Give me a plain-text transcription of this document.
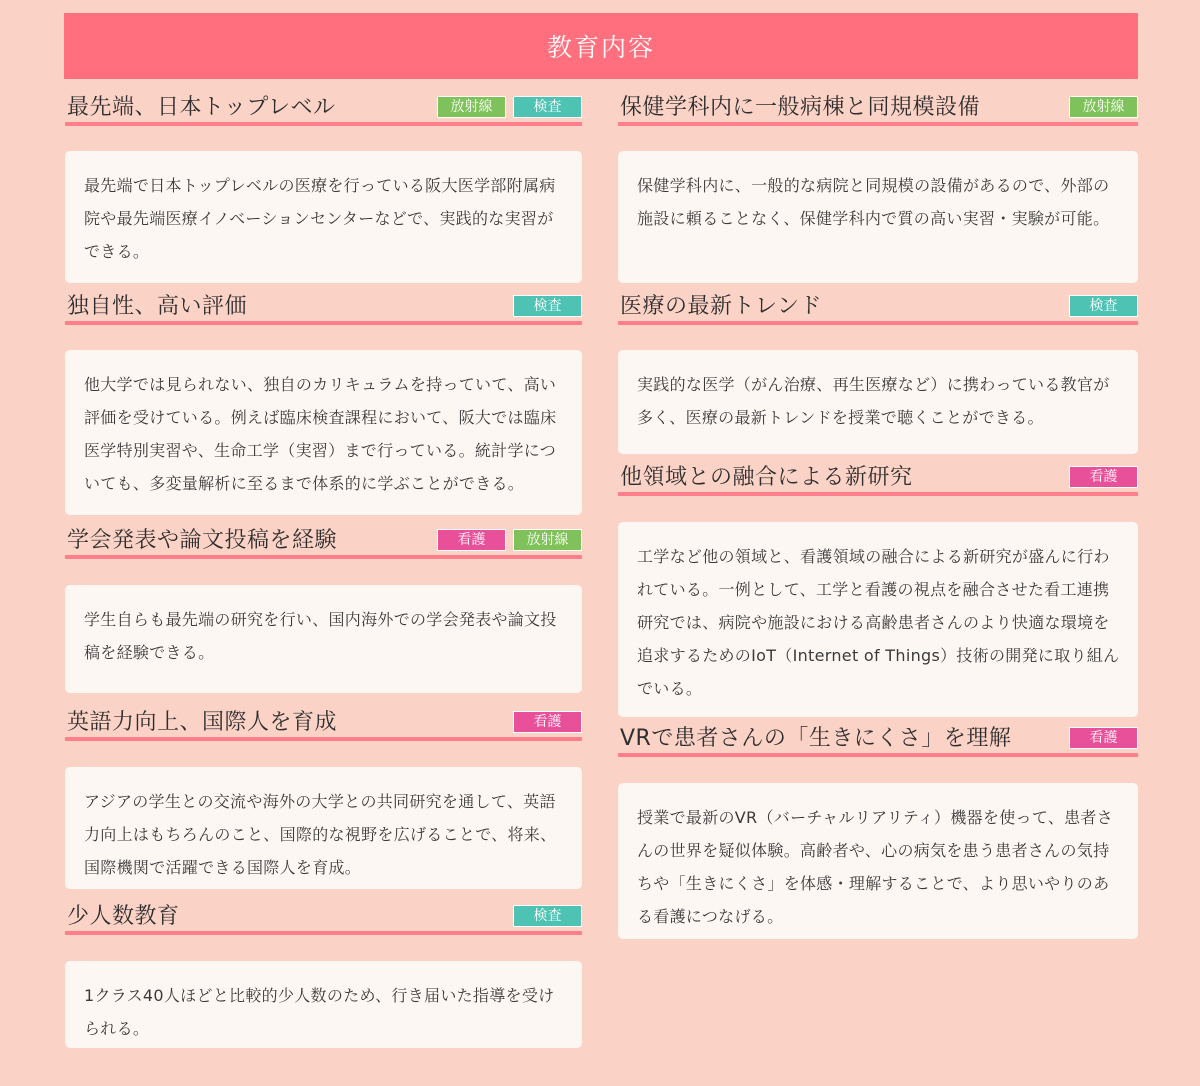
教育内容
最先端、日本トップレベル	放射線	検査

最先端で日本トップレベルの医療を行っている阪大医学部附属病院や最先端医療イノベーションセンターなどで、実践的な実習ができる。

独自性、高い評価	検査

他大学では見られない、独自のカリキュラムを持っていて、高い評価を受けている。例えば臨床検査課程において、阪大では臨床医学特別実習や、生命工学（実習）まで行っている。統計学についても、多変量解析に至るまで体系的に学ぶことができる。

学会発表や論文投稿を経験	看護	放射線

学生自らも最先端の研究を行い、国内海外での学会発表や論文投稿を経験できる。

英語力向上、国際人を育成	看護

アジアの学生との交流や海外の大学との共同研究を通して、英語力向上はもちろんのこと、国際的な視野を広げることで、将来、国際機関で活躍できる国際人を育成。

少人数教育	検査

1クラス40人ほどと比較的少人数のため、行き届いた指導を受けられる。

保健学科内に一般病棟と同規模設備	放射線

保健学科内に、一般的な病院と同規模の設備があるので、外部の施設に頼ることなく、保健学科内で質の高い実習・実験が可能。

医療の最新トレンド	検査

実践的な医学（がん治療、再生医療など）に携わっている教官が多く、医療の最新トレンドを授業で聴くことができる。

他領域との融合による新研究	看護

工学など他の領域と、看護領域の融合による新研究が盛んに行われている。一例として、工学と看護の視点を融合させた看工連携研究では、病院や施設における高齢患者さんのより快適な環境を追求するためのIoT（Internet of Things）技術の開発に取り組んでいる。

VRで患者さんの「生きにくさ」を理解	看護

授業で最新のVR（バーチャルリアリティ）機器を使って、患者さんの世界を疑似体験。高齢者や、心の病気を患う患者さんの気持ちや「生きにくさ」を体感・理解することで、より思いやりのある看護につなげる。
